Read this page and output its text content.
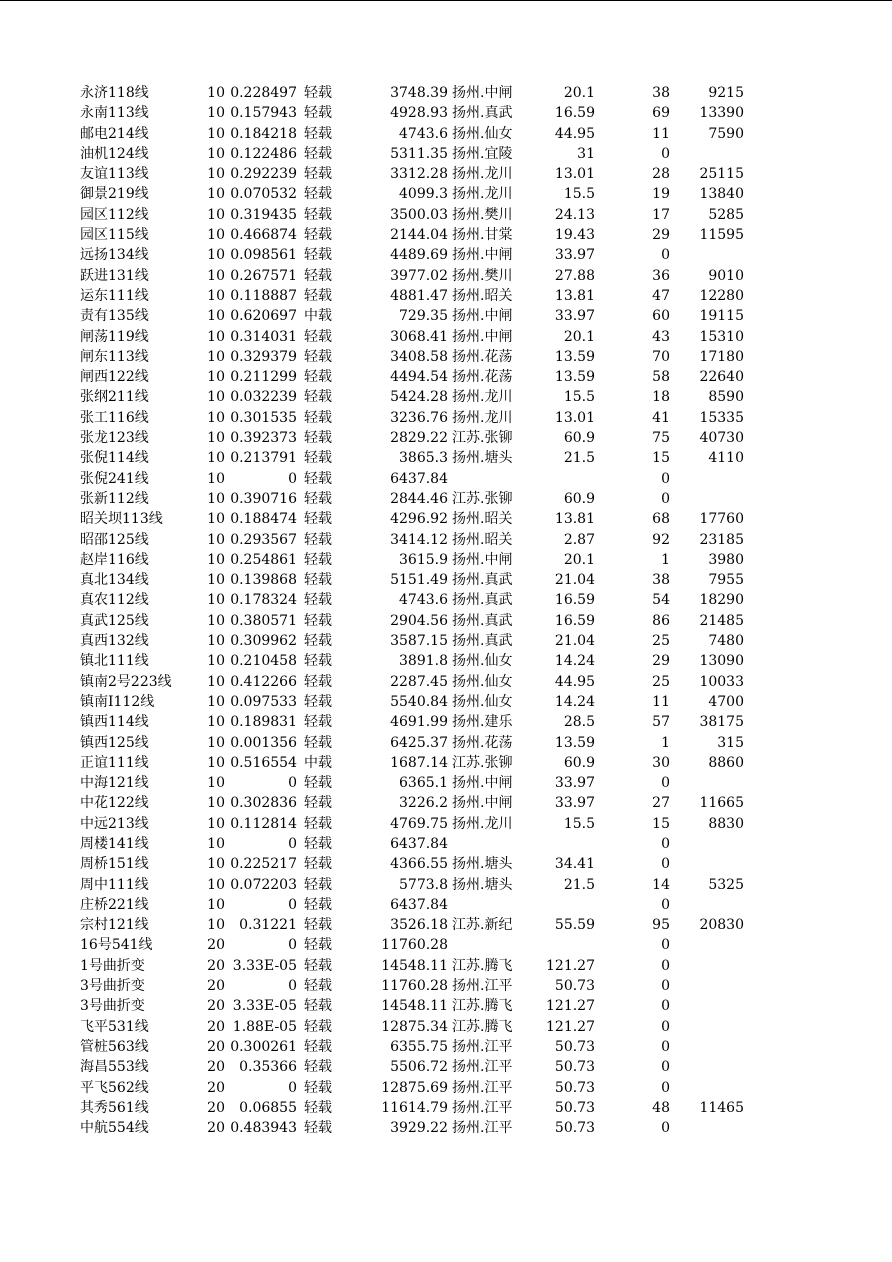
永济118线	10 0.228497 轻载	3748.39 扬州.中闸	20.1	38	9215
永南113线	10 0.157943 轻载	4928.93 扬州.真武	16.59	69	13390
邮电214线	10 0.184218 轻载	4743.6 扬州.仙女	44.95	11	7590
油机124线	10 0.122486 轻载	5311.35 扬州.宜陵	31	0
友谊113线	10 0.292239 轻载	3312.28 扬州.龙川	13.01	28	25115
御景219线	10 0.070532 轻载	4099.3 扬州.龙川	15.5	19	13840
园区112线	10 0.319435 轻载	3500.03 扬州.樊川	24.13	17	5285
园区115线	10 0.466874 轻载	2144.04 扬州.甘棠	19.43	29	11595
远扬134线	10 0.098561 轻载	4489.69 扬州.中闸	33.97	0
跃进131线	10 0.267571 轻载	3977.02 扬州.樊川	27.88	36	9010
运东111线	10 0.118887 轻载	4881.47 扬州.昭关	13.81	47	12280
责有135线	10 0.620697 中载	729.35 扬州.中闸	33.97	60	19115
闸荡119线	10 0.314031 轻载	3068.41 扬州.中闸	20.1	43	15310
闸东113线	10 0.329379 轻载	3408.58 扬州.花荡	13.59	70	17180
闸西122线	10 0.211299 轻载	4494.54 扬州.花荡	13.59	58	22640
张纲211线	10 0.032239 轻载	5424.28 扬州.龙川	15.5	18	8590
张工116线	10 0.301535 轻载	3236.76 扬州.龙川	13.01	41	15335
张龙123线	10 0.392373 轻载	2829.22 江苏.张铆	60.9	75	40730
张倪114线	10 0.213791 轻载	3865.3 扬州.塘头	21.5	15	4110
张倪241线	10	0 轻载	6437.84	0
张新112线	10 0.390716 轻载	2844.46 江苏.张铆	60.9	0
昭关坝113线	10 0.188474 轻载	4296.92 扬州.昭关	13.81	68	17760
昭邵125线	10 0.293567 轻载	3414.12 扬州.昭关	2.87	92	23185
赵岸116线	10 0.254861 轻载	3615.9 扬州.中闸	20.1	1	3980
真北134线	10 0.139868 轻载	5151.49 扬州.真武	21.04	38	7955
真农112线	10 0.178324 轻载	4743.6 扬州.真武	16.59	54	18290
真武125线	10 0.380571 轻载	2904.56 扬州.真武	16.59	86	21485
真西132线	10 0.309962 轻载	3587.15 扬州.真武	21.04	25	7480
镇北111线	10 0.210458 轻载	3891.8 扬州.仙女	14.24	29	13090
镇南2号223线	10 0.412266 轻载	2287.45 扬州.仙女	44.95	25	10033
镇南Ⅰ112线	10 0.097533 轻载	5540.84 扬州.仙女	14.24	11	4700
镇西114线	10 0.189831 轻载	4691.99 扬州.建乐	28.5	57	38175
镇西125线	10 0.001356 轻载	6425.37 扬州.花荡	13.59	1	315
正谊111线	10 0.516554 中载	1687.14 江苏.张铆	60.9	30	8860
中海121线	10	0 轻载	6365.1 扬州.中闸	33.97	0
中花122线	10 0.302836 轻载	3226.2 扬州.中闸	33.97	27	11665
中远213线	10 0.112814 轻载	4769.75 扬州.龙川	15.5	15	8830
周楼141线	10	0 轻载	6437.84	0
周桥151线	10 0.225217 轻载	4366.55 扬州.塘头	34.41	0
周中111线	10 0.072203 轻载	5773.8 扬州.塘头	21.5	14	5325
庄桥221线	10	0 轻载	6437.84	0
宗村121线	10	0.31221 轻载	3526.18 江苏.新纪	55.59	95	20830
16号541线	20	0 轻载	11760.28	0
1号曲折变	20 3.33E-05 轻载	14548.11 江苏.腾飞	121.27	0
3号曲折变	20	0 轻载	11760.28 扬州.江平	50.73	0
3号曲折变	20 3.33E-05 轻载	14548.11 江苏.腾飞	121.27	0
飞平531线	20 1.88E-05 轻载	12875.34 江苏.腾飞	121.27	0
管桩563线	20 0.300261 轻载	6355.75 扬州.江平	50.73	0
海昌553线	20	0.35366 轻载	5506.72 扬州.江平	50.73	0
平飞562线	20	0 轻载	12875.69 扬州.江平	50.73	0
其秀561线	20	0.06855 轻载	11614.79 扬州.江平	50.73	48	11465
中航554线	20 0.483943 轻载	3929.22 扬州.江平	50.73	0
